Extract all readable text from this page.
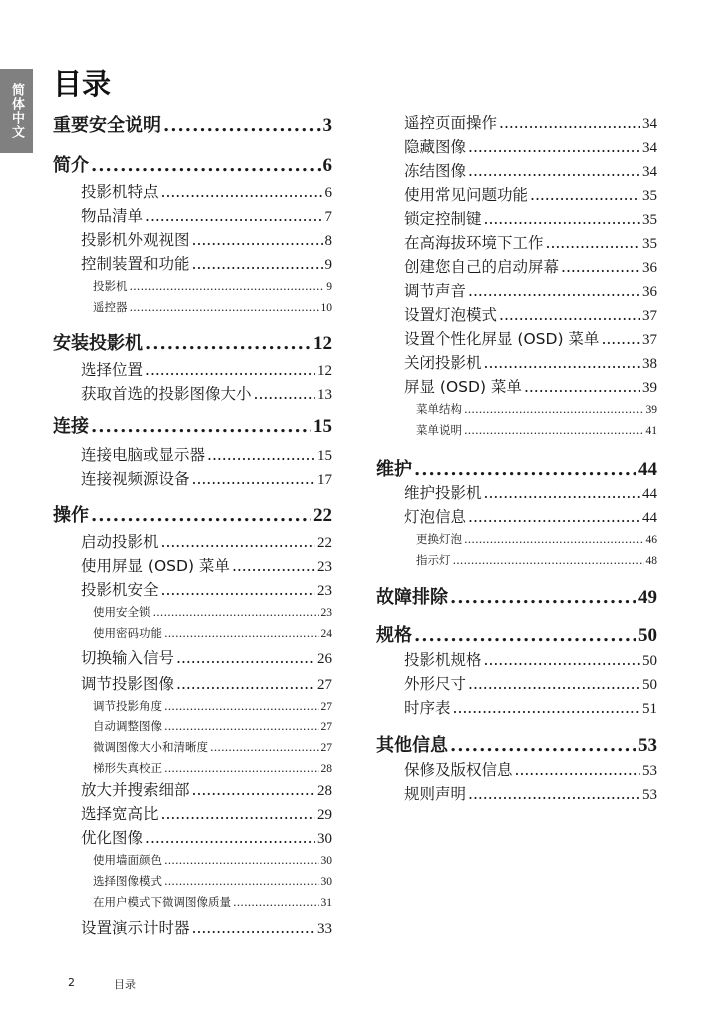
简体中文 目录
重要安全说明 .....	3
简介 .....	6
投影机特点 .....	6
物品清单 .....	7
投影机外观视图 .....	8
控制装置和功能 .....	9
投影机 .....	9
遥控器 .....	10
安装投影机 .....	12
选择位置 .....	12
获取首选的投影图像大小 .....	13
连接 .....	15
连接电脑或显示器 .....	15
连接视频源设备 .....	17
操作 .....	22
启动投影机 .....	22
使用屏显 (OSD) 菜单 .....	23
投影机安全 .....	23
使用安全锁 .....	23
使用密码功能 .....	24
切换输入信号 .....	26
调节投影图像 .....	27
调节投影角度 .....	27
自动调整图像 .....	27
微调图像大小和清晰度 .....	27
梯形失真校正 .....	28
放大并搜索细部 .....	28
选择宽高比 .....	29
优化图像 .....	30
使用墙面颜色 .....	30
选择图像模式 .....	30
在用户模式下微调图像质量 .....	31
设置演示计时器 .....	33
遥控页面操作 .....	34
隐藏图像 .....	34
冻结图像 .....	34
使用常见问题功能 .....	35
锁定控制键 .....	35
在高海拔环境下工作 .....	35
创建您自己的启动屏幕 .....	36
调节声音 .....	36
设置灯泡模式 .....	37
设置个性化屏显 (OSD) 菜单 .....	37
关闭投影机 .....	38
屏显 (OSD) 菜单 .....	39
菜单结构 .....	39
菜单说明 .....	41
维护 .....	44
维护投影机 .....	44
灯泡信息 .....	44
更换灯泡 .....	46
指示灯 .....	48
故障排除 .....	49
规格 .....	50
投影机规格 .....	50
外形尺寸 .....	50
时序表 .....	51
其他信息 .....	53
保修及版权信息 .....	53
规则声明 .....	53
2	目录
